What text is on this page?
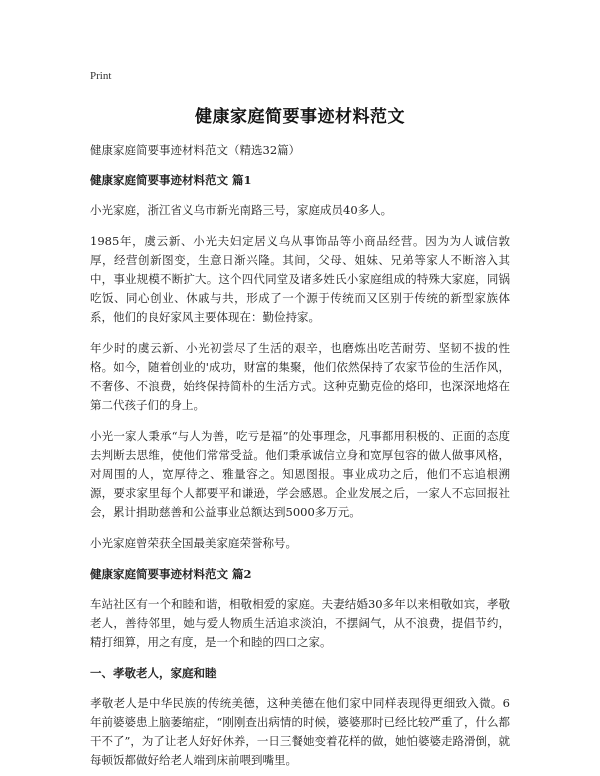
Print
健康家庭简要事迹材料范文

健康家庭简要事迹材料范文（精选32篇）

健康家庭简要事迹材料范文 篇1

小光家庭，浙江省义乌市新光南路三号，家庭成员40多人。

1985年，虞云新、小光夫妇定居义乌从事饰品等小商品经营。因为为人诚信敦厚，经营创新图变，生意日渐兴隆。其间，父母、姐妹、兄弟等家人不断溶入其中，事业规模不断扩大。这个四代同堂及诸多姓氏小家庭组成的特殊大家庭，同锅吃饭、同心创业、休戚与共，形成了一个源于传统而又区别于传统的新型家族体系，他们的良好家风主要体现在：勤俭持家。

年少时的虞云新、小光初尝尽了生活的艰辛，也磨炼出吃苦耐劳、坚韧不拔的性格。如今，随着创业的'成功，财富的集聚，他们依然保持了农家节俭的生活作风，不奢侈、不浪费，始终保持简朴的生活方式。这种克勤克俭的烙印，也深深地烙在第二代孩子们的身上。

小光一家人秉承“与人为善，吃亏是福”的处事理念，凡事都用积极的、正面的态度去判断去思维，使他们常常受益。他们秉承诚信立身和宽厚包容的做人做事风格，对周围的人，宽厚待之、雅量容之。知恩图报。事业成功之后，他们不忘追根溯源，要求家里每个人都要平和谦逊，学会感恩。企业发展之后，一家人不忘回报社会，累计捐助慈善和公益事业总额达到5000多万元。

小光家庭曾荣获全国最美家庭荣誉称号。

健康家庭简要事迹材料范文 篇2

车站社区有一个和睦和谐，相敬相爱的家庭。夫妻结婚30多年以来相敬如宾，孝敬老人，善待邻里，她与爱人物质生活追求淡泊，不摆阔气，从不浪费，提倡节约，精打细算，用之有度，是一个和睦的四口之家。

一、孝敬老人，家庭和睦

孝敬老人是中华民族的传统美德，这种美德在他们家中同样表现得更细致入微。6年前婆婆患上脑萎缩症，“刚刚查出病情的时候，婆婆那时已经比较严重了，什么都干不了”，为了让老人好好休养，一日三餐她变着花样的做，她怕婆婆走路滑倒，就每顿饭都做好给老人端到床前喂到嘴里。
